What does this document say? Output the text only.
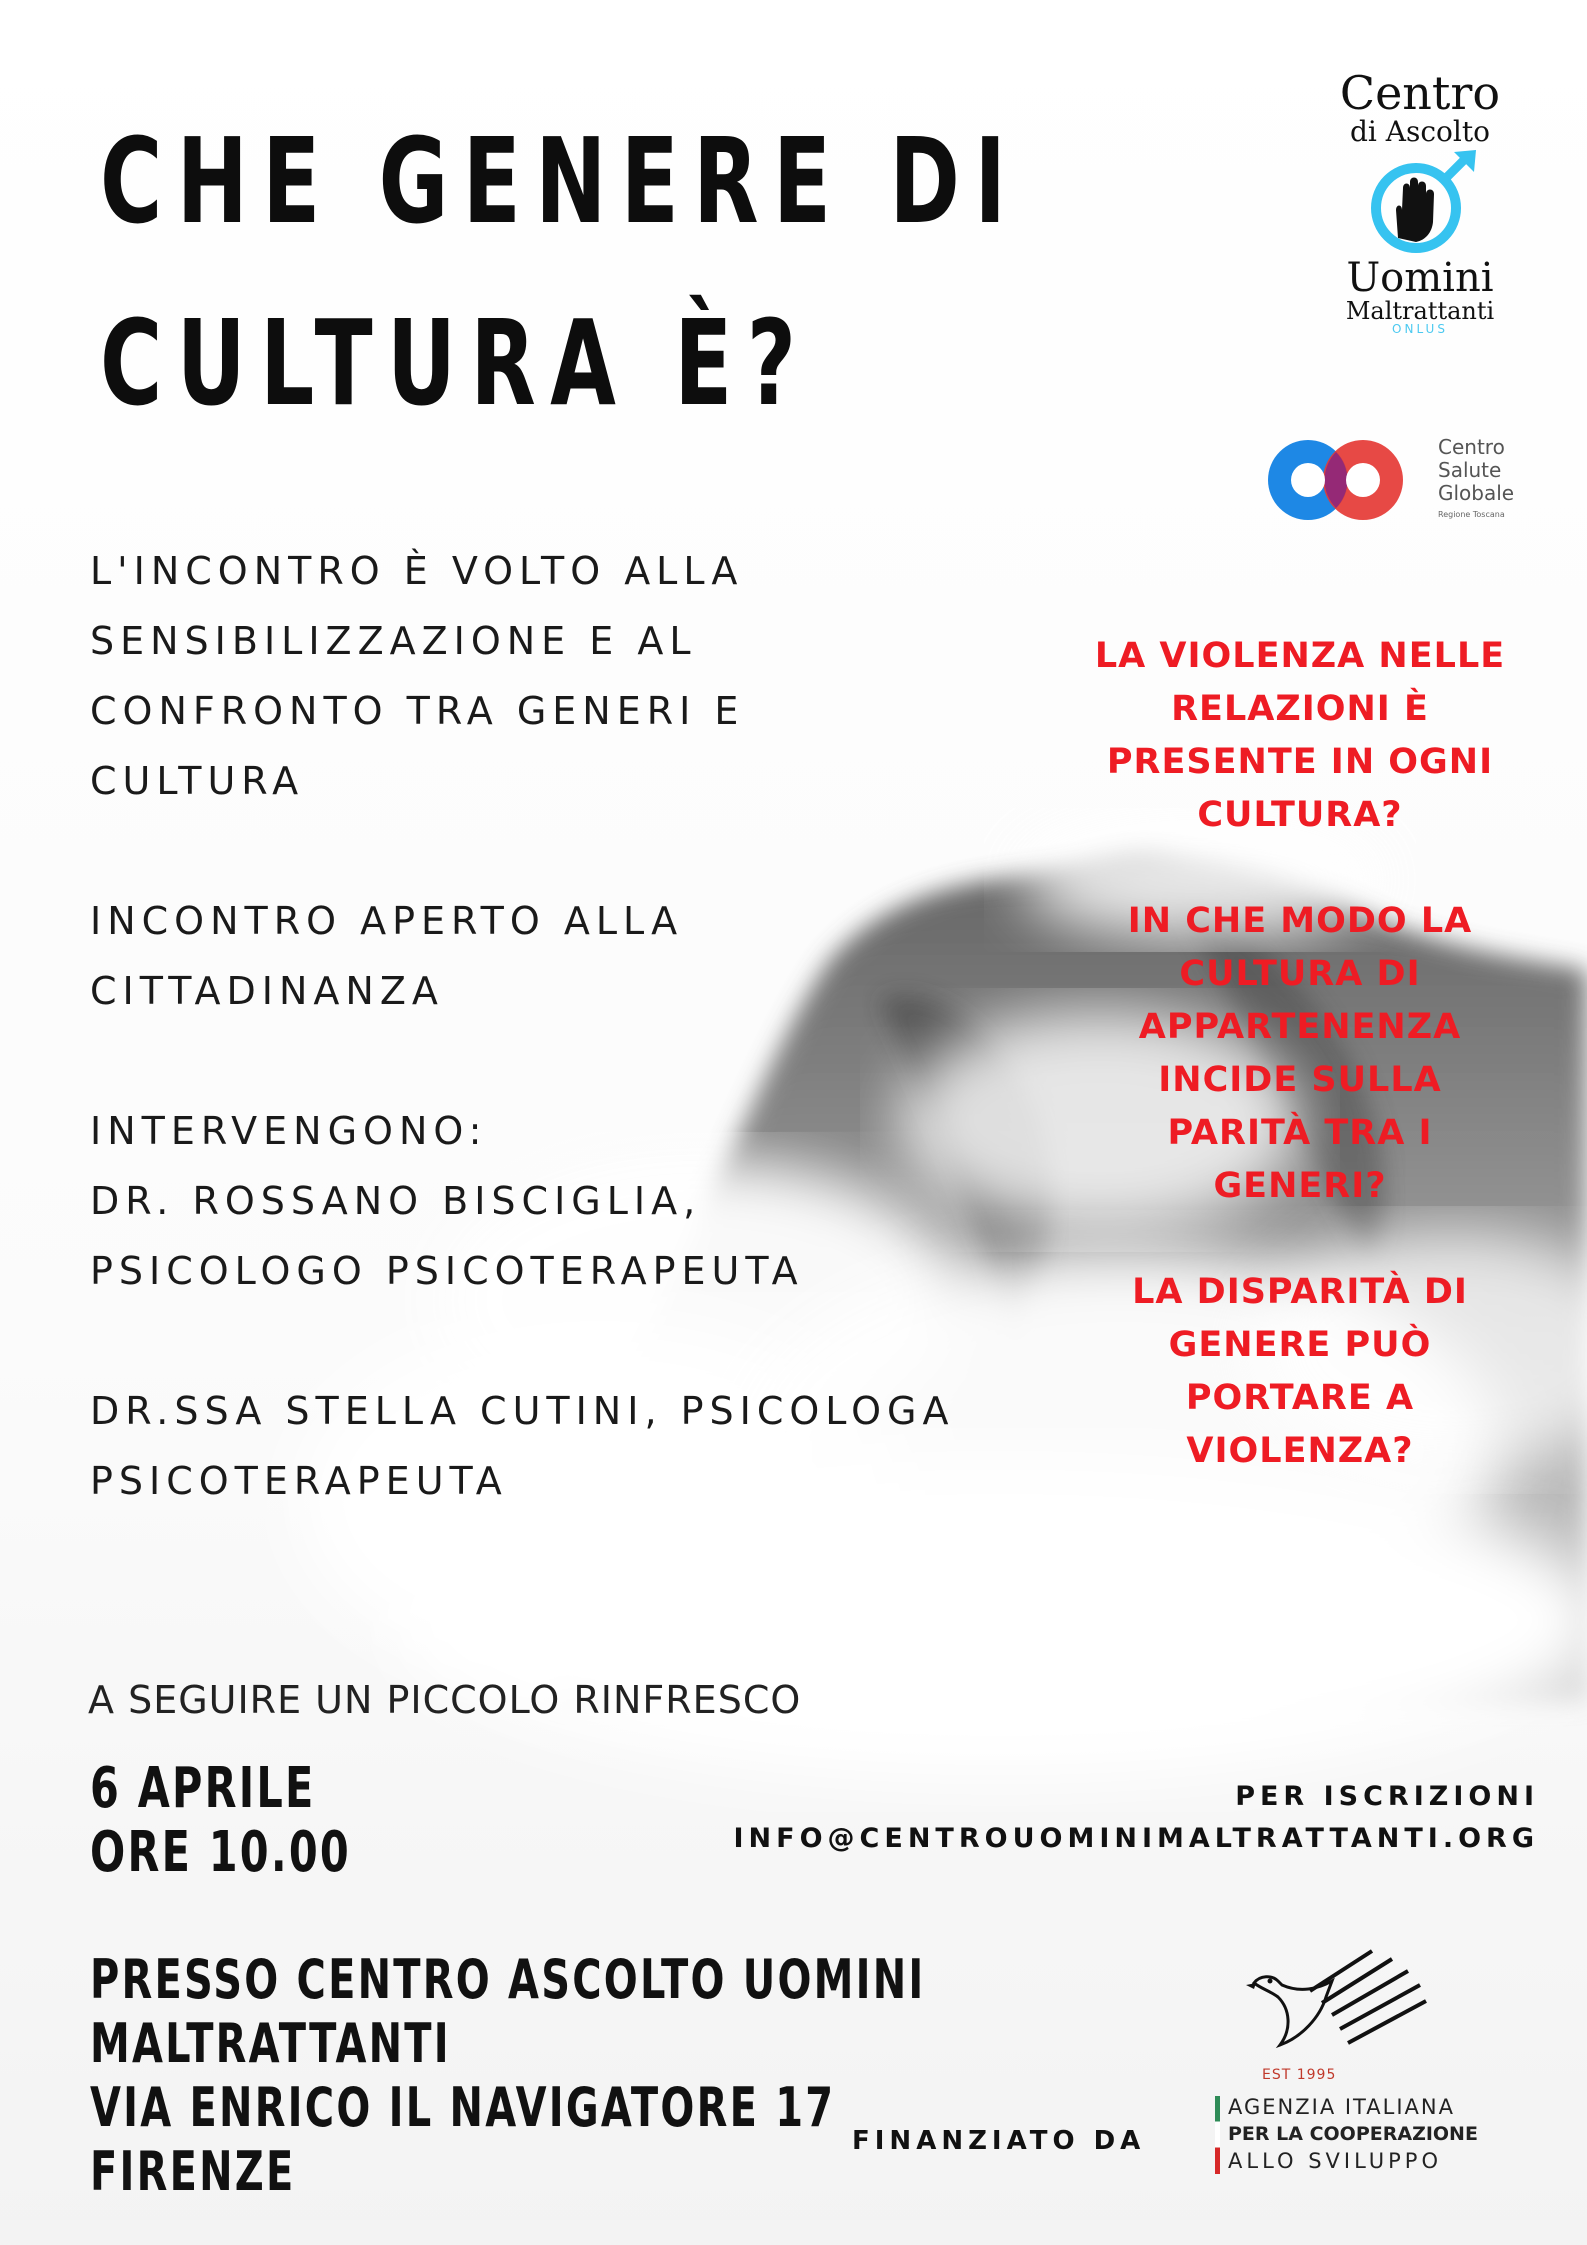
CHE GENERE DI
CULTURA È?
Centro
di Ascolto
Uomini
Maltrattanti
ONLUS
Centro
Salute
Globale
Regione Toscana
L'INCONTRO È VOLTO ALLA
SENSIBILIZZAZIONE E AL
CONFRONTO TRA GENERI E
CULTURA
INCONTRO APERTO ALLA
CITTADINANZA
INTERVENGONO:
DR. ROSSANO BISCIGLIA,
PSICOLOGO PSICOTERAPEUTA
DR.SSA STELLA CUTINI, PSICOLOGA
PSICOTERAPEUTA
LA VIOLENZA NELLE
RELAZIONI È
PRESENTE IN OGNI
CULTURA?
IN CHE MODO LA
CULTURA DI
APPARTENENZA
INCIDE SULLA
PARITÀ TRA I
GENERI?
LA DISPARITÀ DI
GENERE PUÒ
PORTARE A
VIOLENZA?
A SEGUIRE UN PICCOLO RINFRESCO
6 APRILE
ORE 10.00
PER ISCRIZIONI
INFO@CENTROUOMINIMALTRATTANTI.ORG
PRESSO CENTRO ASCOLTO UOMINI
MALTRATTANTI
VIA ENRICO IL NAVIGATORE 17
FIRENZE	FINANZIATO DA
EST 1995
AGENZIA ITALIANA
PER LA COOPERAZIONE
ALLO SVILUPPO
